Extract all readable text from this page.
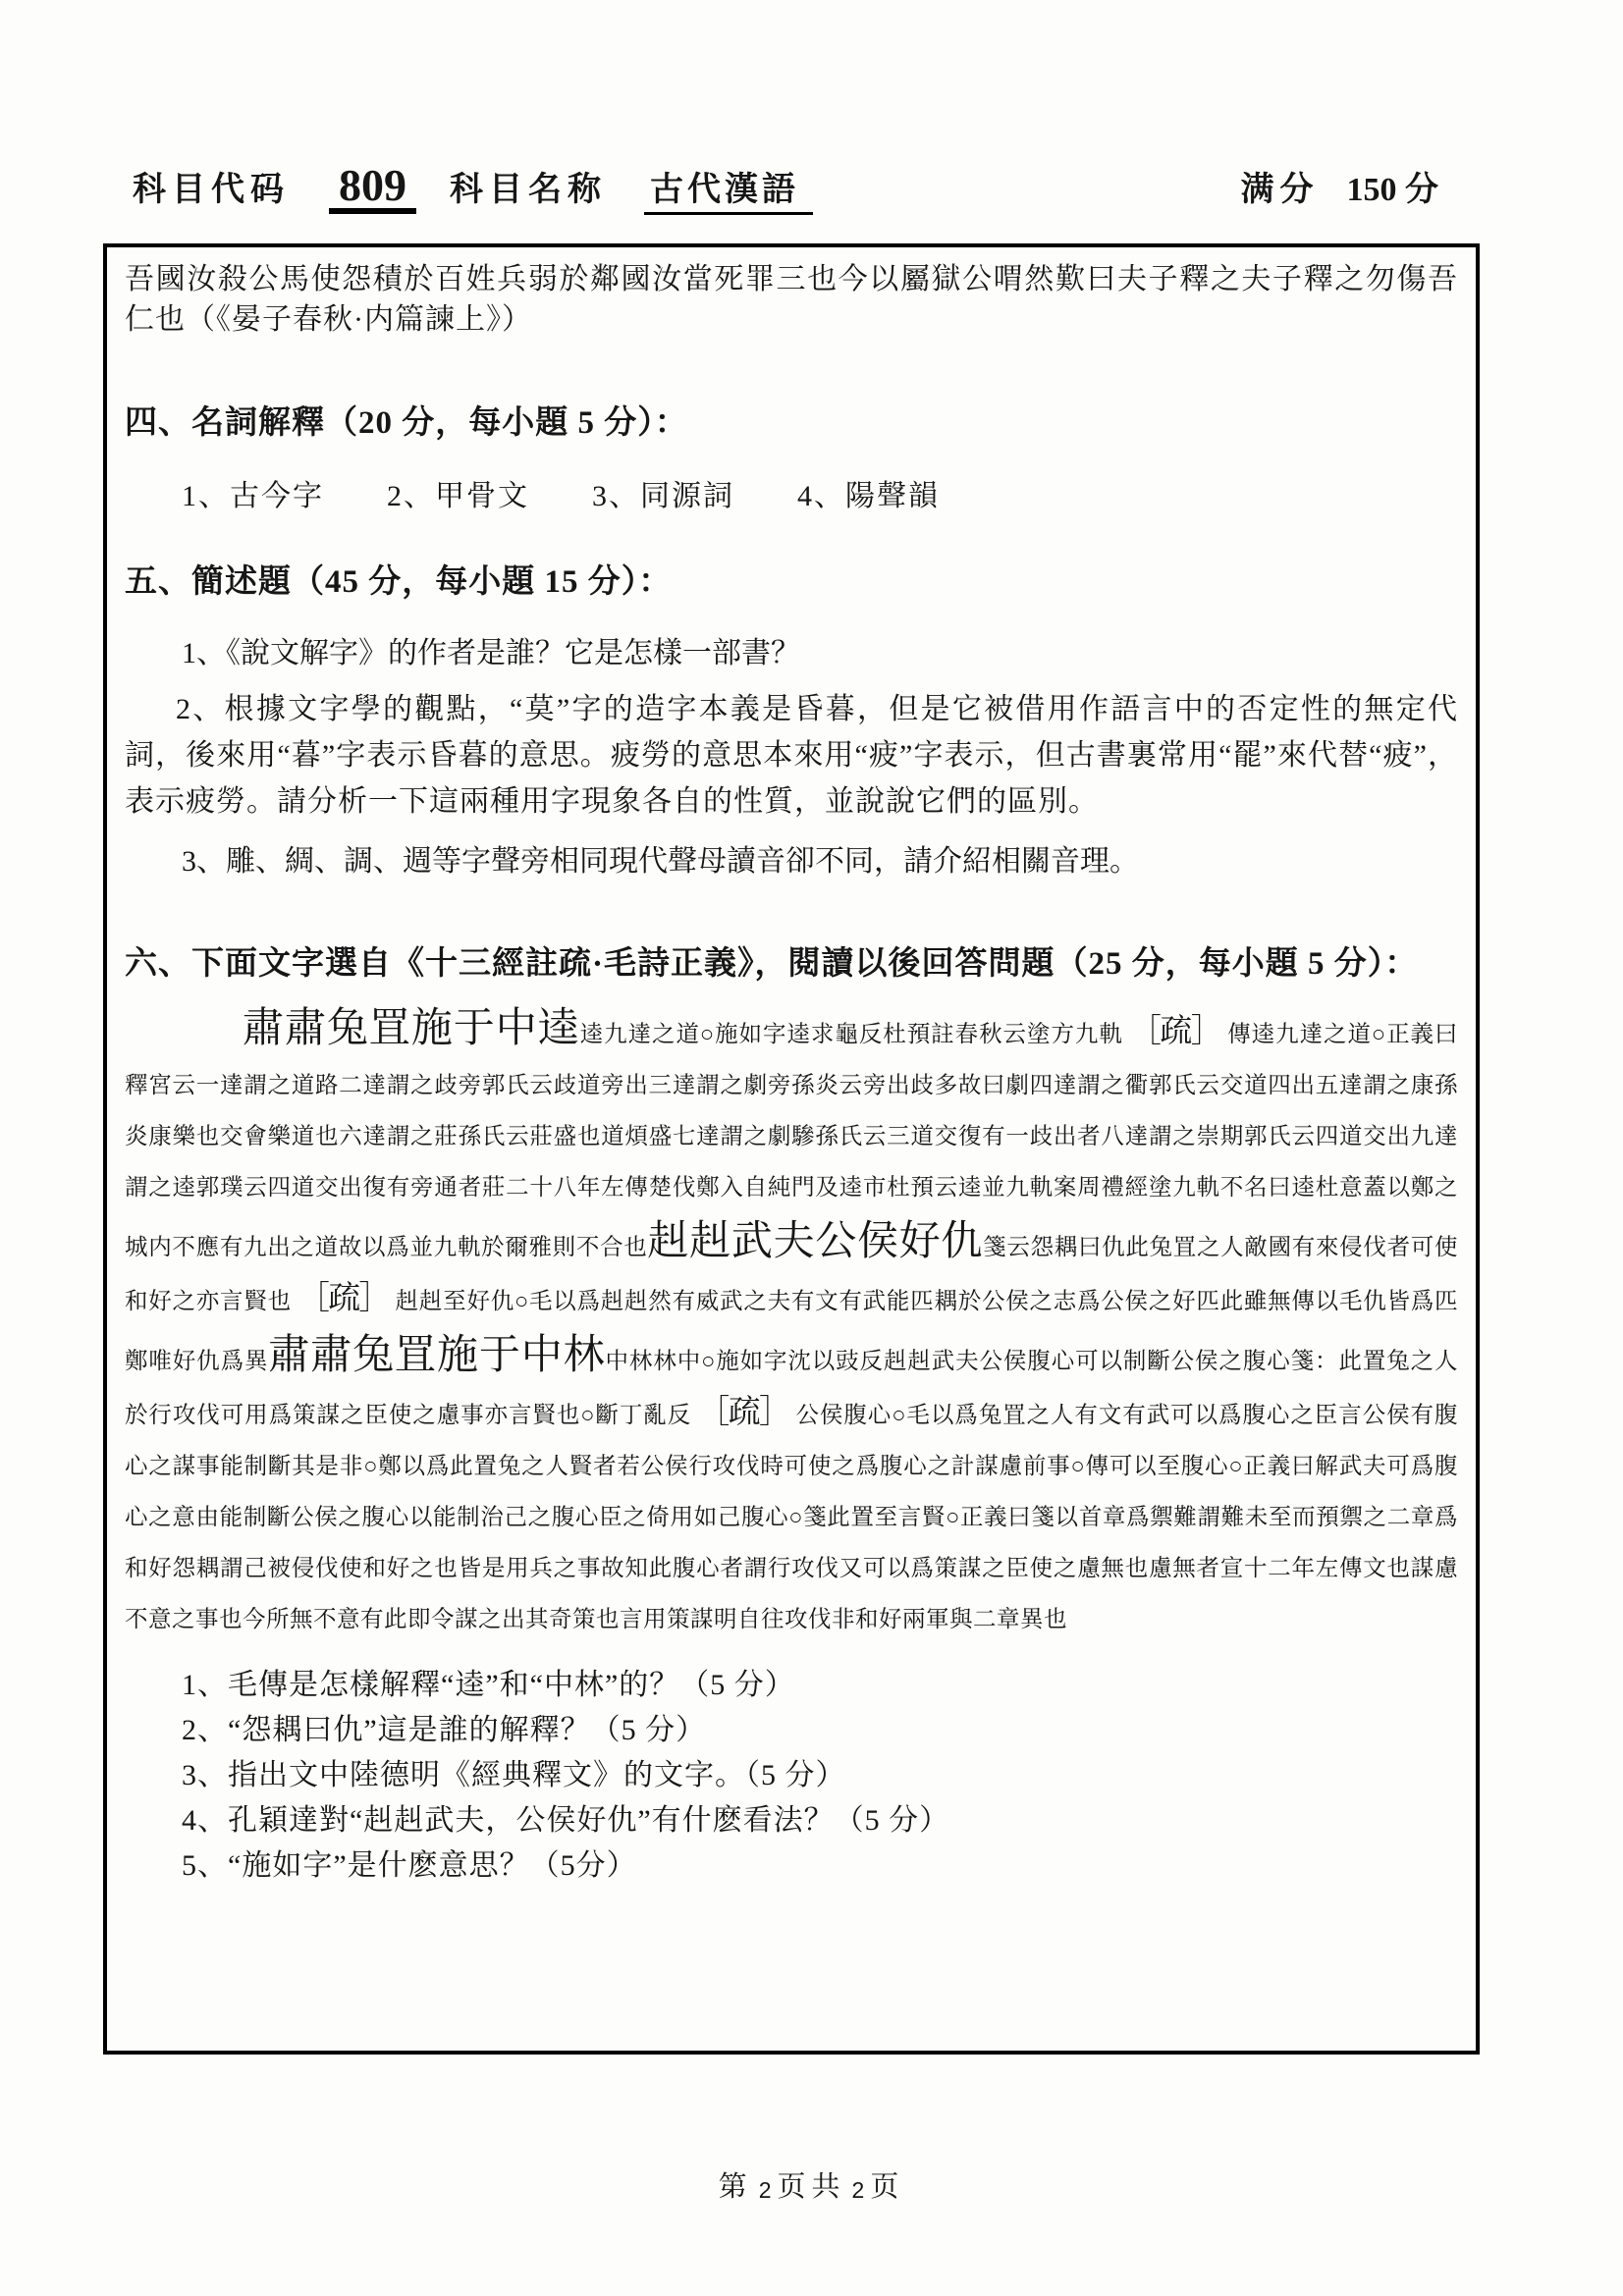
科目代码 809 科目名称 古代漢語	满分 150 分

吾國汝殺公馬使怨積於百姓兵弱於鄰國汝當死罪三也今以屬獄公喟然歎曰夫子釋之夫子釋之勿傷吾仁也（《晏子春秋·内篇諫上》）

四、名詞解釋（20 分，每小題 5 分）：

1、古今字　　2、甲骨文　　3、同源詞　　4、陽聲韻

五、簡述題（45 分，每小題 15 分）：

1、《說文解字》的作者是誰？它是怎樣一部書？

2、根據文字學的觀點，“莫”字的造字本義是昏暮，但是它被借用作語言中的否定性的無定代詞，後來用“暮”字表示昏暮的意思。疲勞的意思本來用“疲”字表示，但古書裏常用“罷”來代替“疲”，表示疲勞。請分析一下這兩種用字現象各自的性質，並說說它們的區別。

3、雕、綢、調、週等字聲旁相同現代聲母讀音卻不同，請介紹相關音理。

六、下面文字選自《十三經註疏·毛詩正義》，閱讀以後回答問題（25 分，每小題 5 分）：

肅肅兔罝施于中逵逵九達之道○施如字逵求龜反杜預註春秋云塗方九軌 ［疏］ 傳逵九達之道○正義曰釋宮云一達謂之道路二達謂之歧旁郭氏云歧道旁出三達謂之劇旁孫炎云旁出歧多故曰劇四達謂之衢郭氏云交道四出五達謂之康孫炎康樂也交會樂道也六達謂之莊孫氏云莊盛也道煩盛七達謂之劇驂孫氏云三道交復有一歧出者八達謂之崇期郭氏云四道交出九達謂之逵郭璞云四道交出復有旁通者莊二十八年左傳楚伐鄭入自純門及逵市杜預云逵並九軌案周禮經塗九軌不名曰逵杜意蓋以鄭之城内不應有九出之道故以爲並九軌於爾雅則不合也赳赳武夫公侯好仇箋云怨耦曰仇此兔罝之人敵國有來侵伐者可使和好之亦言賢也 ［疏］ 赳赳至好仇○毛以爲赳赳然有威武之夫有文有武能匹耦於公侯之志爲公侯之好匹此雖無傳以毛仇皆爲匹鄭唯好仇爲異肅肅兔罝施于中林中林林中○施如字沈以豉反赳赳武夫公侯腹心可以制斷公侯之腹心箋：此置兔之人於行攻伐可用爲策謀之臣使之慮事亦言賢也○斷丁亂反 ［疏］ 公侯腹心○毛以爲兔罝之人有文有武可以爲腹心之臣言公侯有腹心之謀事能制斷其是非○鄭以爲此置兔之人賢者若公侯行攻伐時可使之爲腹心之計謀慮前事○傳可以至腹心○正義曰解武夫可爲腹心之意由能制斷公侯之腹心以能制治己之腹心臣之倚用如己腹心○箋此置至言賢○正義曰箋以首章爲禦難謂難未至而預禦之二章爲和好怨耦謂己被侵伐使和好之也皆是用兵之事故知此腹心者謂行攻伐又可以爲策謀之臣使之慮無也慮無者宣十二年左傳文也謀慮不意之事也今所無不意有此即令謀之出其奇策也言用策謀明自往攻伐非和好兩軍與二章異也

1、毛傳是怎樣解釋“逵”和“中林”的？（5 分）

2、“怨耦曰仇”這是誰的解釋？（5 分）

3、指出文中陸德明《經典釋文》的文字。（5 分）

4、孔穎達對“赳赳武夫，公侯好仇”有什麽看法？（5 分）

5、“施如字”是什麽意思？（5分）

第 2 页共 2 页
